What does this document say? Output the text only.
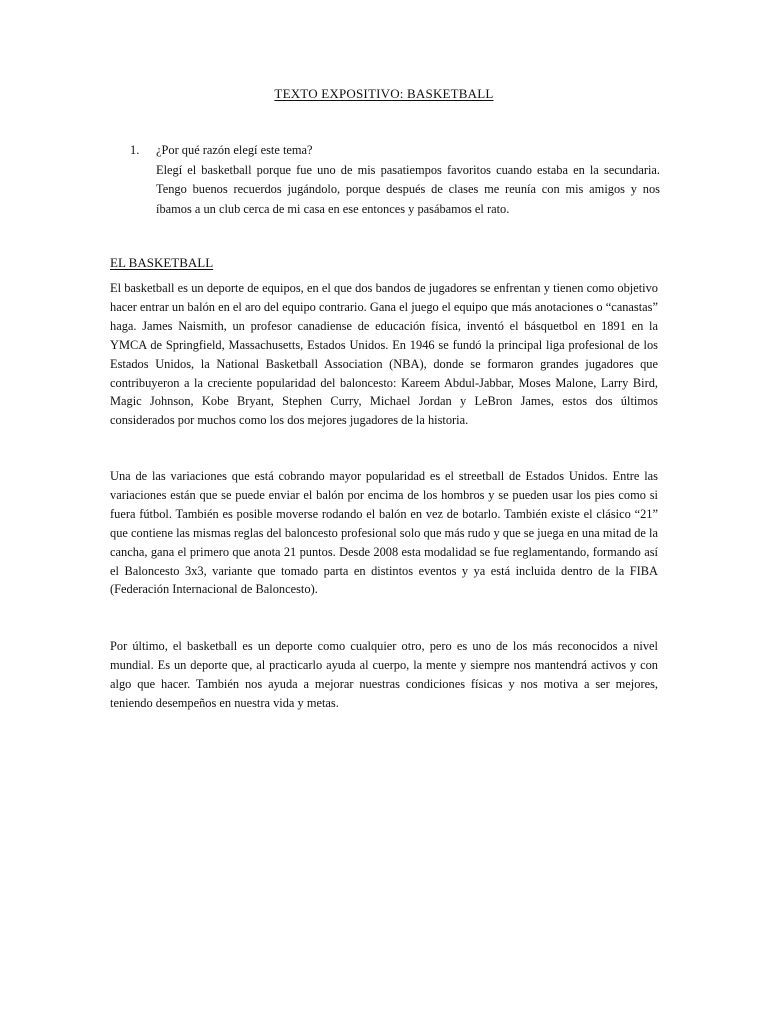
TEXTO EXPOSITIVO: BASKETBALL
1.	¿Por qué razón elegí este tema?
Elegí el basketball porque fue uno de mis pasatiempos favoritos cuando estaba en la secundaria. Tengo buenos recuerdos jugándolo, porque después de clases me reunía con mis amigos y nos íbamos a un club cerca de mi casa en ese entonces y pasábamos el rato.
EL BASKETBALL

El basketball es un deporte de equipos, en el que dos bandos de jugadores se enfrentan y tienen como objetivo hacer entrar un balón en el aro del equipo contrario. Gana el juego el equipo que más anotaciones o “canastas” haga. James Naismith, un profesor canadiense de educación física, inventó el básquetbol en 1891 en la YMCA de Springfield, Massachusetts, Estados Unidos. En 1946 se fundó la principal liga profesional de los Estados Unidos, la National Basketball Association (NBA), donde se formaron grandes jugadores que contribuyeron a la creciente popularidad del baloncesto: Kareem Abdul-Jabbar, Moses Malone, Larry Bird, Magic Johnson, Kobe Bryant, Stephen Curry, Michael Jordan y LeBron James, estos dos últimos considerados por muchos como los dos mejores jugadores de la historia.

Una de las variaciones que está cobrando mayor popularidad es el streetball de Estados Unidos. Entre las variaciones están que se puede enviar el balón por encima de los hombros y se pueden usar los pies como si fuera fútbol. También es posible moverse rodando el balón en vez de botarlo. También existe el clásico “21” que contiene las mismas reglas del baloncesto profesional solo que más rudo y que se juega en una mitad de la cancha, gana el primero que anota 21 puntos. Desde 2008 esta modalidad se fue reglamentando, formando así el Baloncesto 3x3, variante que tomado parta en distintos eventos y ya está incluida dentro de la FIBA (Federación Internacional de Baloncesto).

Por último, el basketball es un deporte como cualquier otro, pero es uno de los más reconocidos a nivel mundial. Es un deporte que, al practicarlo ayuda al cuerpo, la mente y siempre nos mantendrá activos y con algo que hacer. También nos ayuda a mejorar nuestras condiciones físicas y nos motiva a ser mejores, teniendo desempeños en nuestra vida y metas.
